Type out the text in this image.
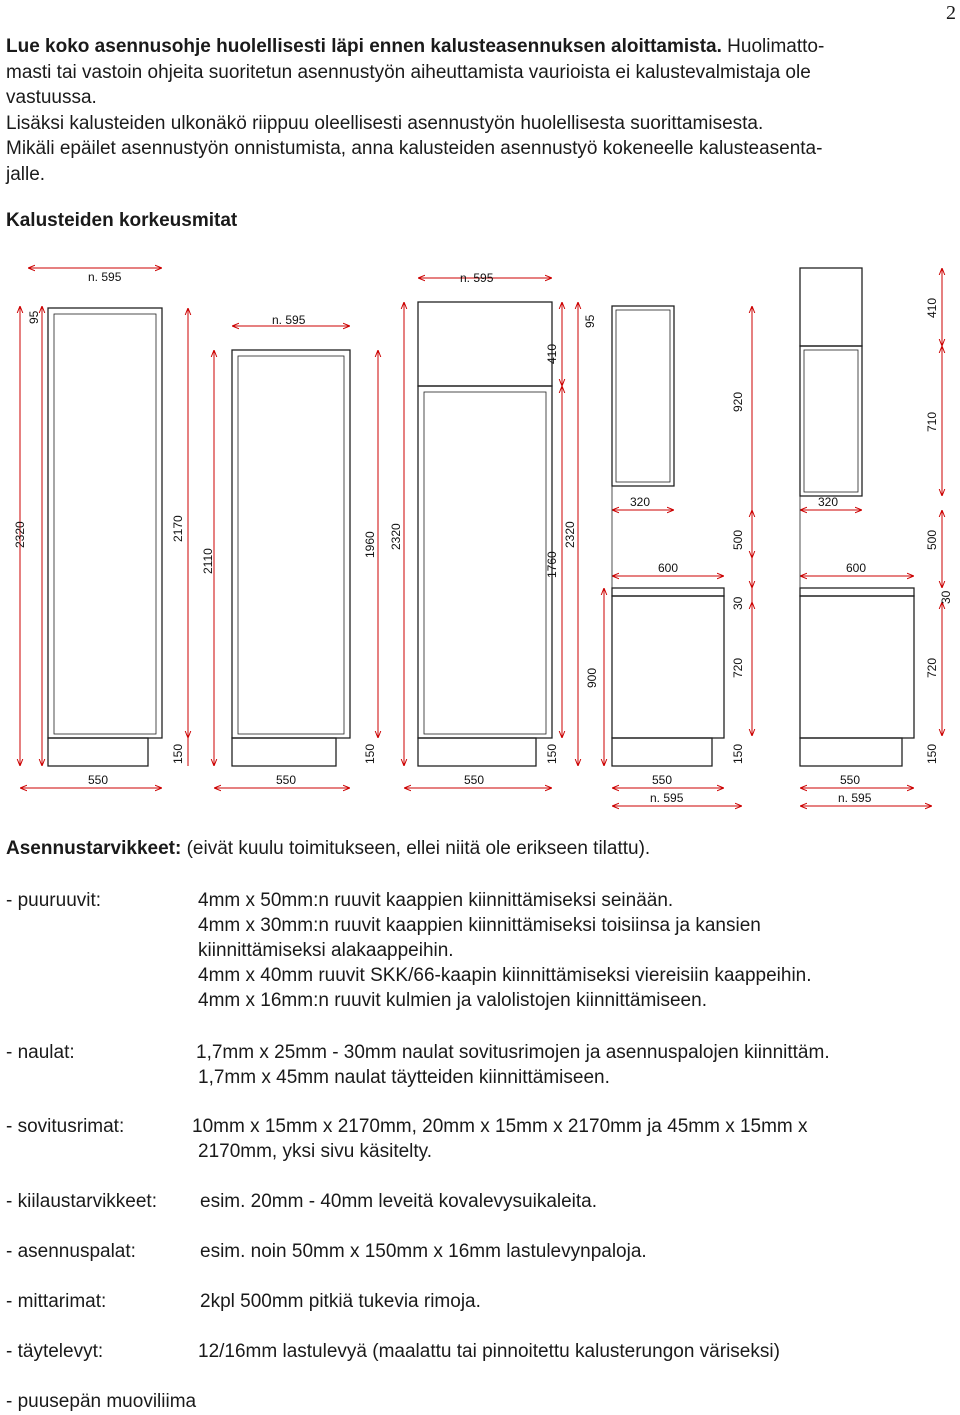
2

Lue koko asennusohje huolellisesti läpi ennen kalusteasennuksen aloittamista. Huolimatto-

masti tai vastoin ohjeita suoritetun asennustyön aiheuttamista vaurioista ei kalustevalmistaja ole

vastuussa.

Lisäksi kalusteiden ulkonäkö riippuu oleellisesti asennustyön huolellisesta suorittamisesta.

Mikäli epäilet asennustyön onnistumista, anna kalusteiden asennustyö kokeneelle kalusteasenta-

jalle.

Kalusteiden korkeusmitat
n. 595
2320
95
2170
150
550
n. 595
2110
1960
150
550
n. 595
2320
410
1760
2320
150
550
95
920
320
500
30
720
900
150
600
550
n. 595
410
710
320
500
30
720
150
600
550
n. 595
Asennustarvikkeet: (eivät kuulu toimitukseen, ellei niitä ole erikseen tilattu).
- puuruuvit:	4mm x 50mm:n ruuvit kaappien kiinnittämiseksi seinään.
4mm x 30mm:n ruuvit kaappien kiinnittämiseksi toisiinsa ja kansien
kiinnittämiseksi alakaappeihin.
4mm x 40mm ruuvit SKK/66-kaapin kiinnittämiseksi viereisiin kaappeihin.
4mm x 16mm:n ruuvit kulmien ja valolistojen kiinnittämiseen.
- naulat:	1,7mm x 25mm - 30mm naulat sovitusrimojen ja asennuspalojen kiinnittäm.
1,7mm x 45mm naulat täytteiden kiinnittämiseen.
- sovitusrimat:	10mm x 15mm x 2170mm, 20mm x 15mm x 2170mm ja 45mm x 15mm x
2170mm, yksi sivu käsitelty.
- kiilaustarvikkeet: esim. 20mm - 40mm leveitä kovalevysuikaleita.
- asennuspalat:	esim. noin 50mm x 150mm x 16mm lastulevynpaloja.
- mittarimat:	2kpl 500mm pitkiä tukevia rimoja.
- täytelevyt:	12/16mm lastulevyä (maalattu tai pinnoitettu kalusterungon väriseksi)
- puusepän muoviliima
